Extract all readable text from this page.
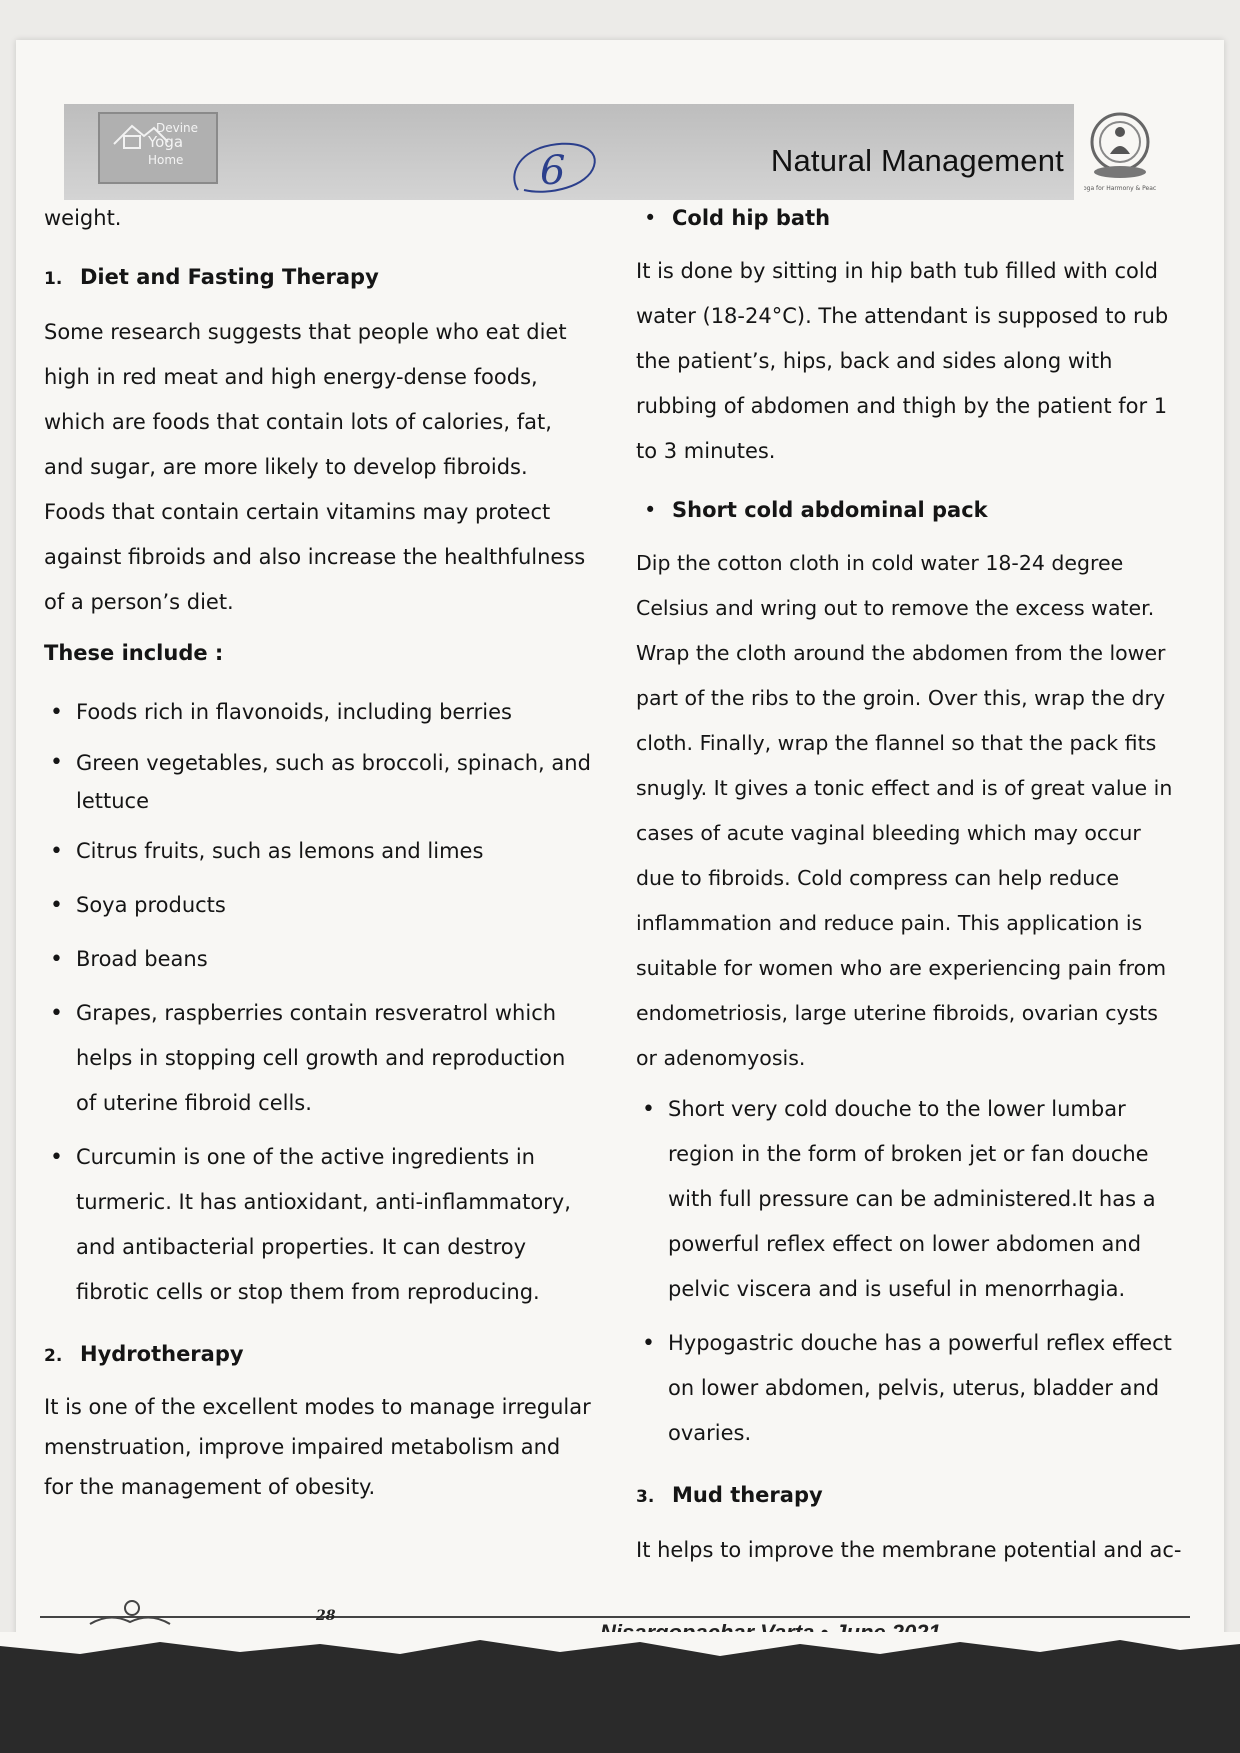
Devine
Yoga
Home	6	Natural Management
Yoga for Harmony & Peace

weight.

1. Diet and Fasting Therapy

Some research suggests that people who eat diet high in red meat and high energy-dense foods, which are foods that contain lots of calories, fat, and sugar, are more likely to develop fibroids. Foods that contain certain vitamins may protect against fibroids and also increase the healthfulness of a person’s diet.

These include :

• Foods rich in flavonoids, including berries
• Green vegetables, such as broccoli, spinach, and lettuce
• Citrus fruits, such as lemons and limes
• Soya products
• Broad beans
• Grapes, raspberries contain resveratrol which helps in stopping cell growth and reproduction of uterine fibroid cells.
• Curcumin is one of the active ingredients in turmeric. It has antioxidant, anti-inflammatory, and antibacterial properties. It can destroy fibrotic cells or stop them from reproducing.
2. Hydrotherapy

It is one of the excellent modes to manage irregular menstruation, improve impaired metabolism and for the management of obesity.

• Cold hip bath

It is done by sitting in hip bath tub filled with cold water (18-24°C). The attendant is supposed to rub the patient’s, hips, back and sides along with rubbing of abdomen and thigh by the patient for 1 to 3 minutes.

• Short cold abdominal pack

Dip the cotton cloth in cold water 18-24 degree Celsius and wring out to remove the excess water. Wrap the cloth around the abdomen from the lower part of the ribs to the groin. Over this, wrap the dry cloth. Finally, wrap the flannel so that the pack fits snugly. It gives a tonic effect and is of great value in cases of acute vaginal bleeding which may occur due to fibroids. Cold compress can help reduce inflammation and reduce pain. This application is suitable for women who are experiencing pain from endometriosis, large uterine fibroids, ovarian cysts or adenomyosis.

• Short very cold douche to the lower lumbar region in the form of broken jet or fan douche with full pressure can be administered.It has a powerful reflex effect on lower abdomen and pelvic viscera and is useful in menorrhagia.
• Hypogastric douche has a powerful reflex effect on lower abdomen, pelvis, uterus, bladder and ovaries.
3. Mud therapy

It helps to improve the membrane potential and ac-

28
